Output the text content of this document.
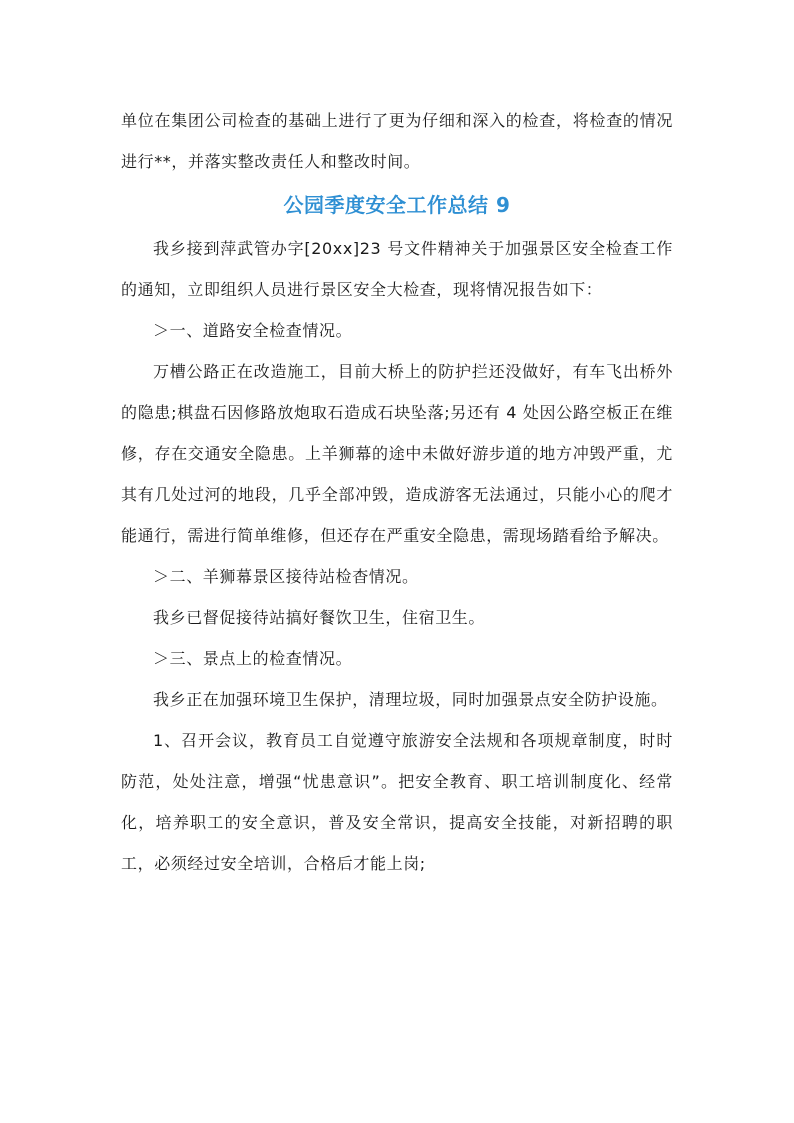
单位在集团公司检查的基础上进行了更为仔细和深入的检查，将检查的情况进行**，并落实整改责任人和整改时间。

公园季度安全工作总结 9

我乡接到萍武管办字[20xx]23 号文件精神关于加强景区安全检查工作的通知，立即组织人员进行景区安全大检查，现将情况报告如下：

＞一、道路安全检查情况。

万槽公路正在改造施工，目前大桥上的防护拦还没做好，有车飞出桥外的隐患;棋盘石因修路放炮取石造成石块坠落;另还有 4 处因公路空板正在维修，存在交通安全隐患。上羊狮幕的途中未做好游步道的地方冲毁严重，尤其有几处过河的地段，几乎全部冲毁，造成游客无法通过，只能小心的爬才能通行，需进行简单维修，但还存在严重安全隐患，需现场踏看给予解决。

＞二、羊狮幕景区接待站检杳情况。

我乡已督促接待站搞好餐饮卫生，住宿卫生。

＞三、景点上的检查情况。

我乡正在加强环境卫生保护，清理垃圾，同时加强景点安全防护设施。

1、召开会议，教育员工自觉遵守旅游安全法规和各项规章制度，时时防范，处处注意，增强“忧患意识”。把安全教育、职工培训制度化、经常化，培养职工的安全意识，普及安全常识，提高安全技能，对新招聘的职工，必须经过安全培训，合格后才能上岗;
